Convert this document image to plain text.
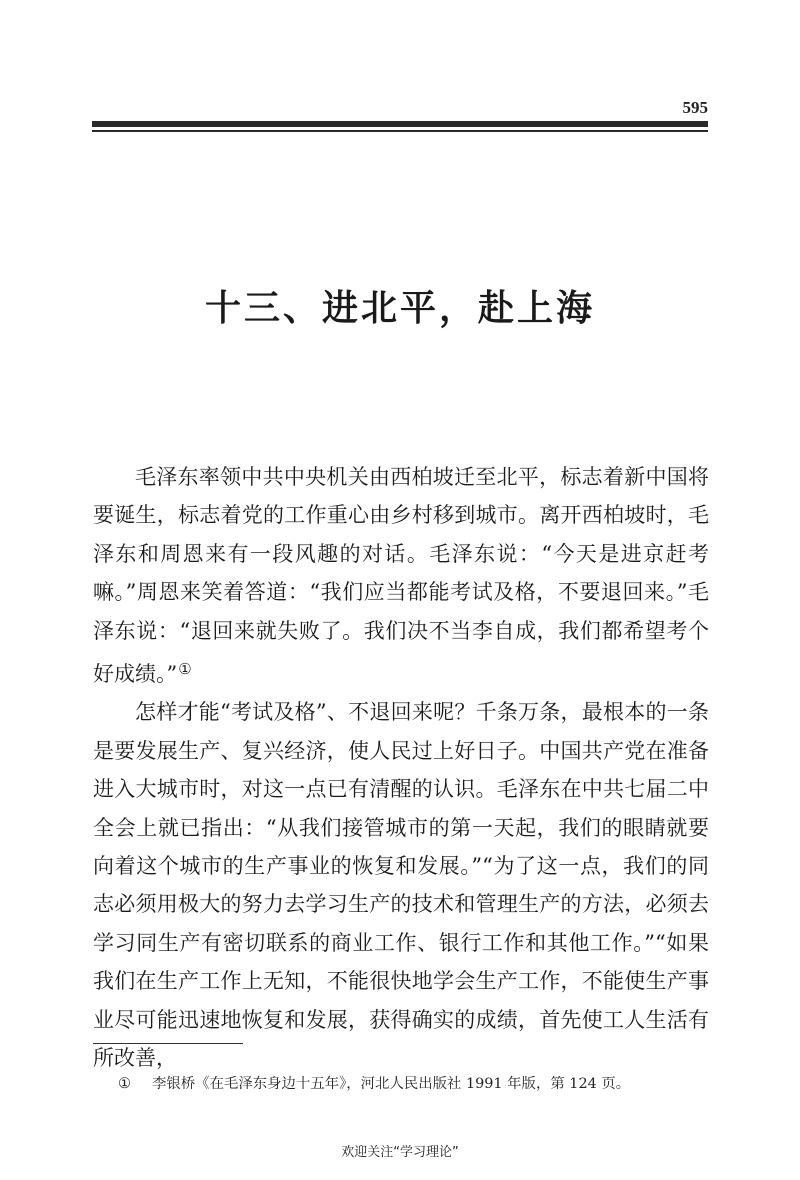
595
十三、进北平，赴上海

毛泽东率领中共中央机关由西柏坡迁至北平，标志着新中国将要诞生，标志着党的工作重心由乡村移到城市。离开西柏坡时，毛泽东和周恩来有一段风趣的对话。毛泽东说：“今天是进京赶考嘛。”周恩来笑着答道：“我们应当都能考试及格，不要退回来。”毛泽东说：“退回来就失败了。我们决不当李自成，我们都希望考个好成绩。”①

怎样才能“考试及格”、不退回来呢？千条万条，最根本的一条是要发展生产、复兴经济，使人民过上好日子。中国共产党在准备进入大城市时，对这一点已有清醒的认识。毛泽东在中共七届二中全会上就已指出：“从我们接管城市的第一天起，我们的眼睛就要向着这个城市的生产事业的恢复和发展。”“为了这一点，我们的同志必须用极大的努力去学习生产的技术和管理生产的方法，必须去学习同生产有密切联系的商业工作、银行工作和其他工作。”“如果我们在生产工作上无知，不能很快地学会生产工作，不能使生产事业尽可能迅速地恢复和发展，获得确实的成绩，首先使工人生活有所改善，

① 李银桥《在毛泽东身边十五年》，河北人民出版社 1991 年版，第 124 页。
欢迎关注“学习理论”
